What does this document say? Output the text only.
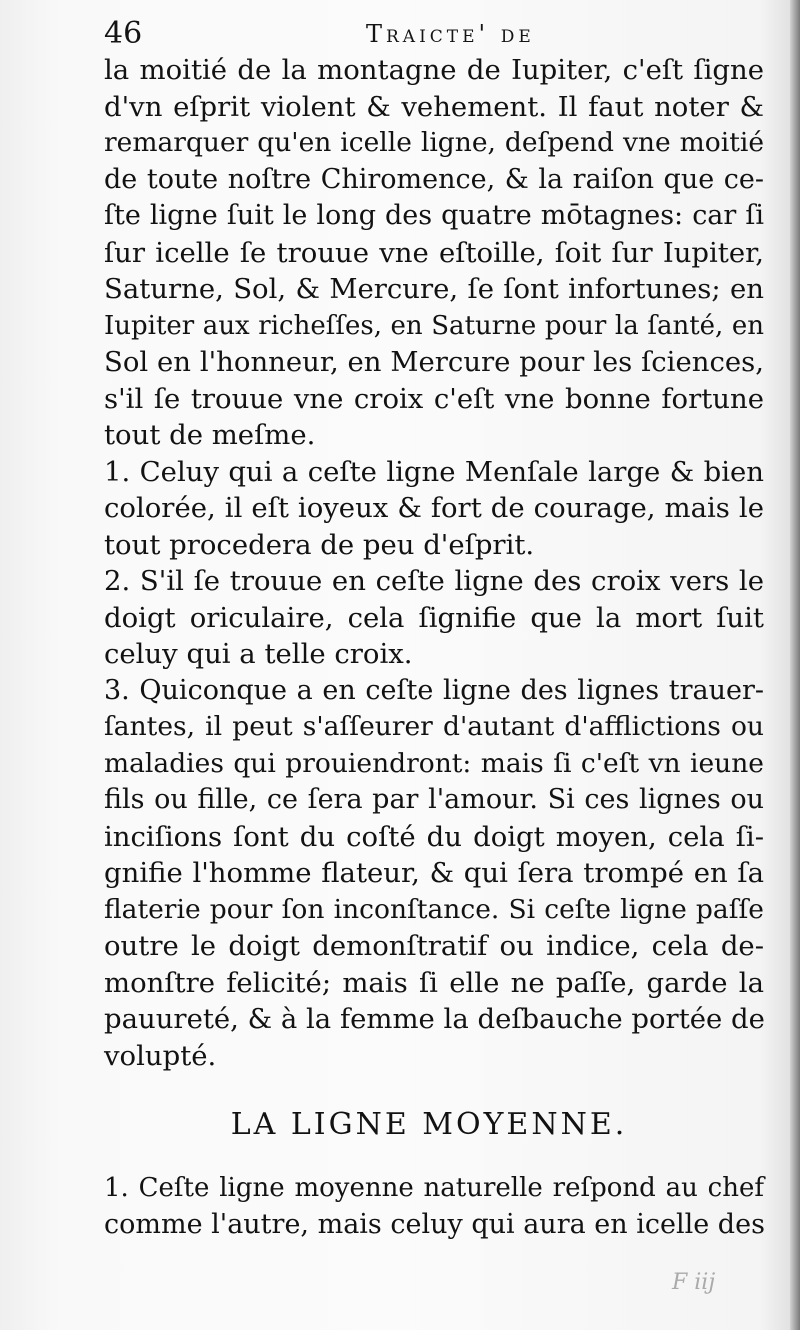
46	Traicte' de
la moitié de la montagne de Iupiter, c'eſt ſigne
d'vn eſprit violent & vehement. Il faut noter &
remarquer qu'en icelle ligne, deſpend vne moitié
de toute noſtre Chiromence, & la raiſon que ce-
ſte ligne ſuit le long des quatre mōtagnes: car ſi
ſur icelle ſe trouue vne eſtoille, ſoit ſur Iupiter,
Saturne, Sol, & Mercure, ſe ſont infortunes; en
Iupiter aux richeſſes, en Saturne pour la ſanté, en
Sol en l'honneur, en Mercure pour les ſciences,
s'il ſe trouue vne croix c'eſt vne bonne fortune
tout de meſme.
1. Celuy qui a ceſte ligne Menſale large & bien
colorée, il eſt ioyeux & fort de courage, mais le
tout procedera de peu d'eſprit.
2. S'il ſe trouue en ceſte ligne des croix vers le
doigt oriculaire, cela ſignifie que la mort ſuit
celuy qui a telle croix.
3. Quiconque a en ceſte ligne des lignes trauer-
ſantes, il peut s'aſſeurer d'autant d'afflictions ou
maladies qui prouiendront: mais ſi c'eſt vn ieune
fils ou fille, ce ſera par l'amour. Si ces lignes ou
inciſions ſont du coſté du doigt moyen, cela ſi-
gnifie l'homme flateur, & qui ſera trompé en ſa
flaterie pour ſon inconſtance. Si ceſte ligne paſſe
outre le doigt demonſtratif ou indice, cela de-
monſtre felicité; mais ſi elle ne paſſe, garde la
pauureté, & à la femme la deſbauche portée de
volupté.
LA LIGNE MOYENNE.
1. Ceſte ligne moyenne naturelle reſpond au chef
comme l'autre, mais celuy qui aura en icelle des
F iij
